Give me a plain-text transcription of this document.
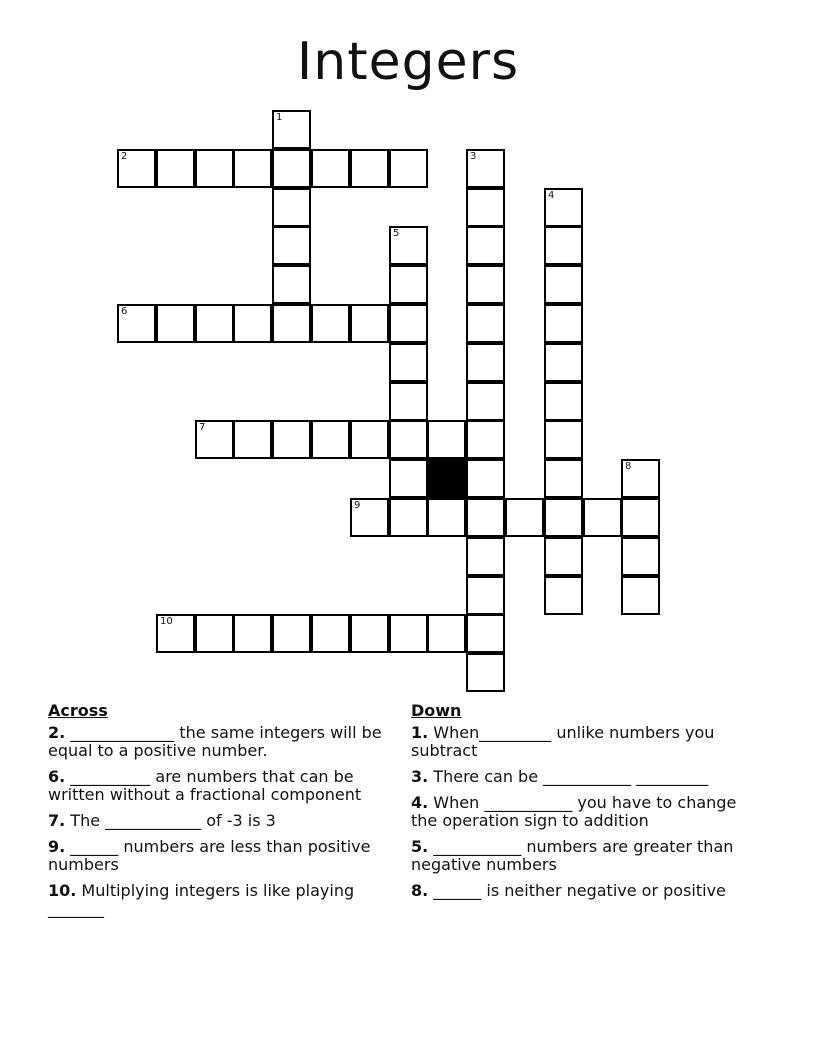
Integers
1
2	3
4
5
6
7
8
9
10
Across
2. _____________ the same integers will be equal to a positive number.
6. __________ are numbers that can be written without a fractional component
7. The ____________ of -3 is 3
9. ______ numbers are less than positive numbers
10. Multiplying integers is like playing _______
Down
1. When_________ unlike numbers you subtract
3. There can be ___________ _________
4. When ___________ you have to change the operation sign to addition
5. ___________ numbers are greater than negative numbers
8. ______ is neither negative or positive
